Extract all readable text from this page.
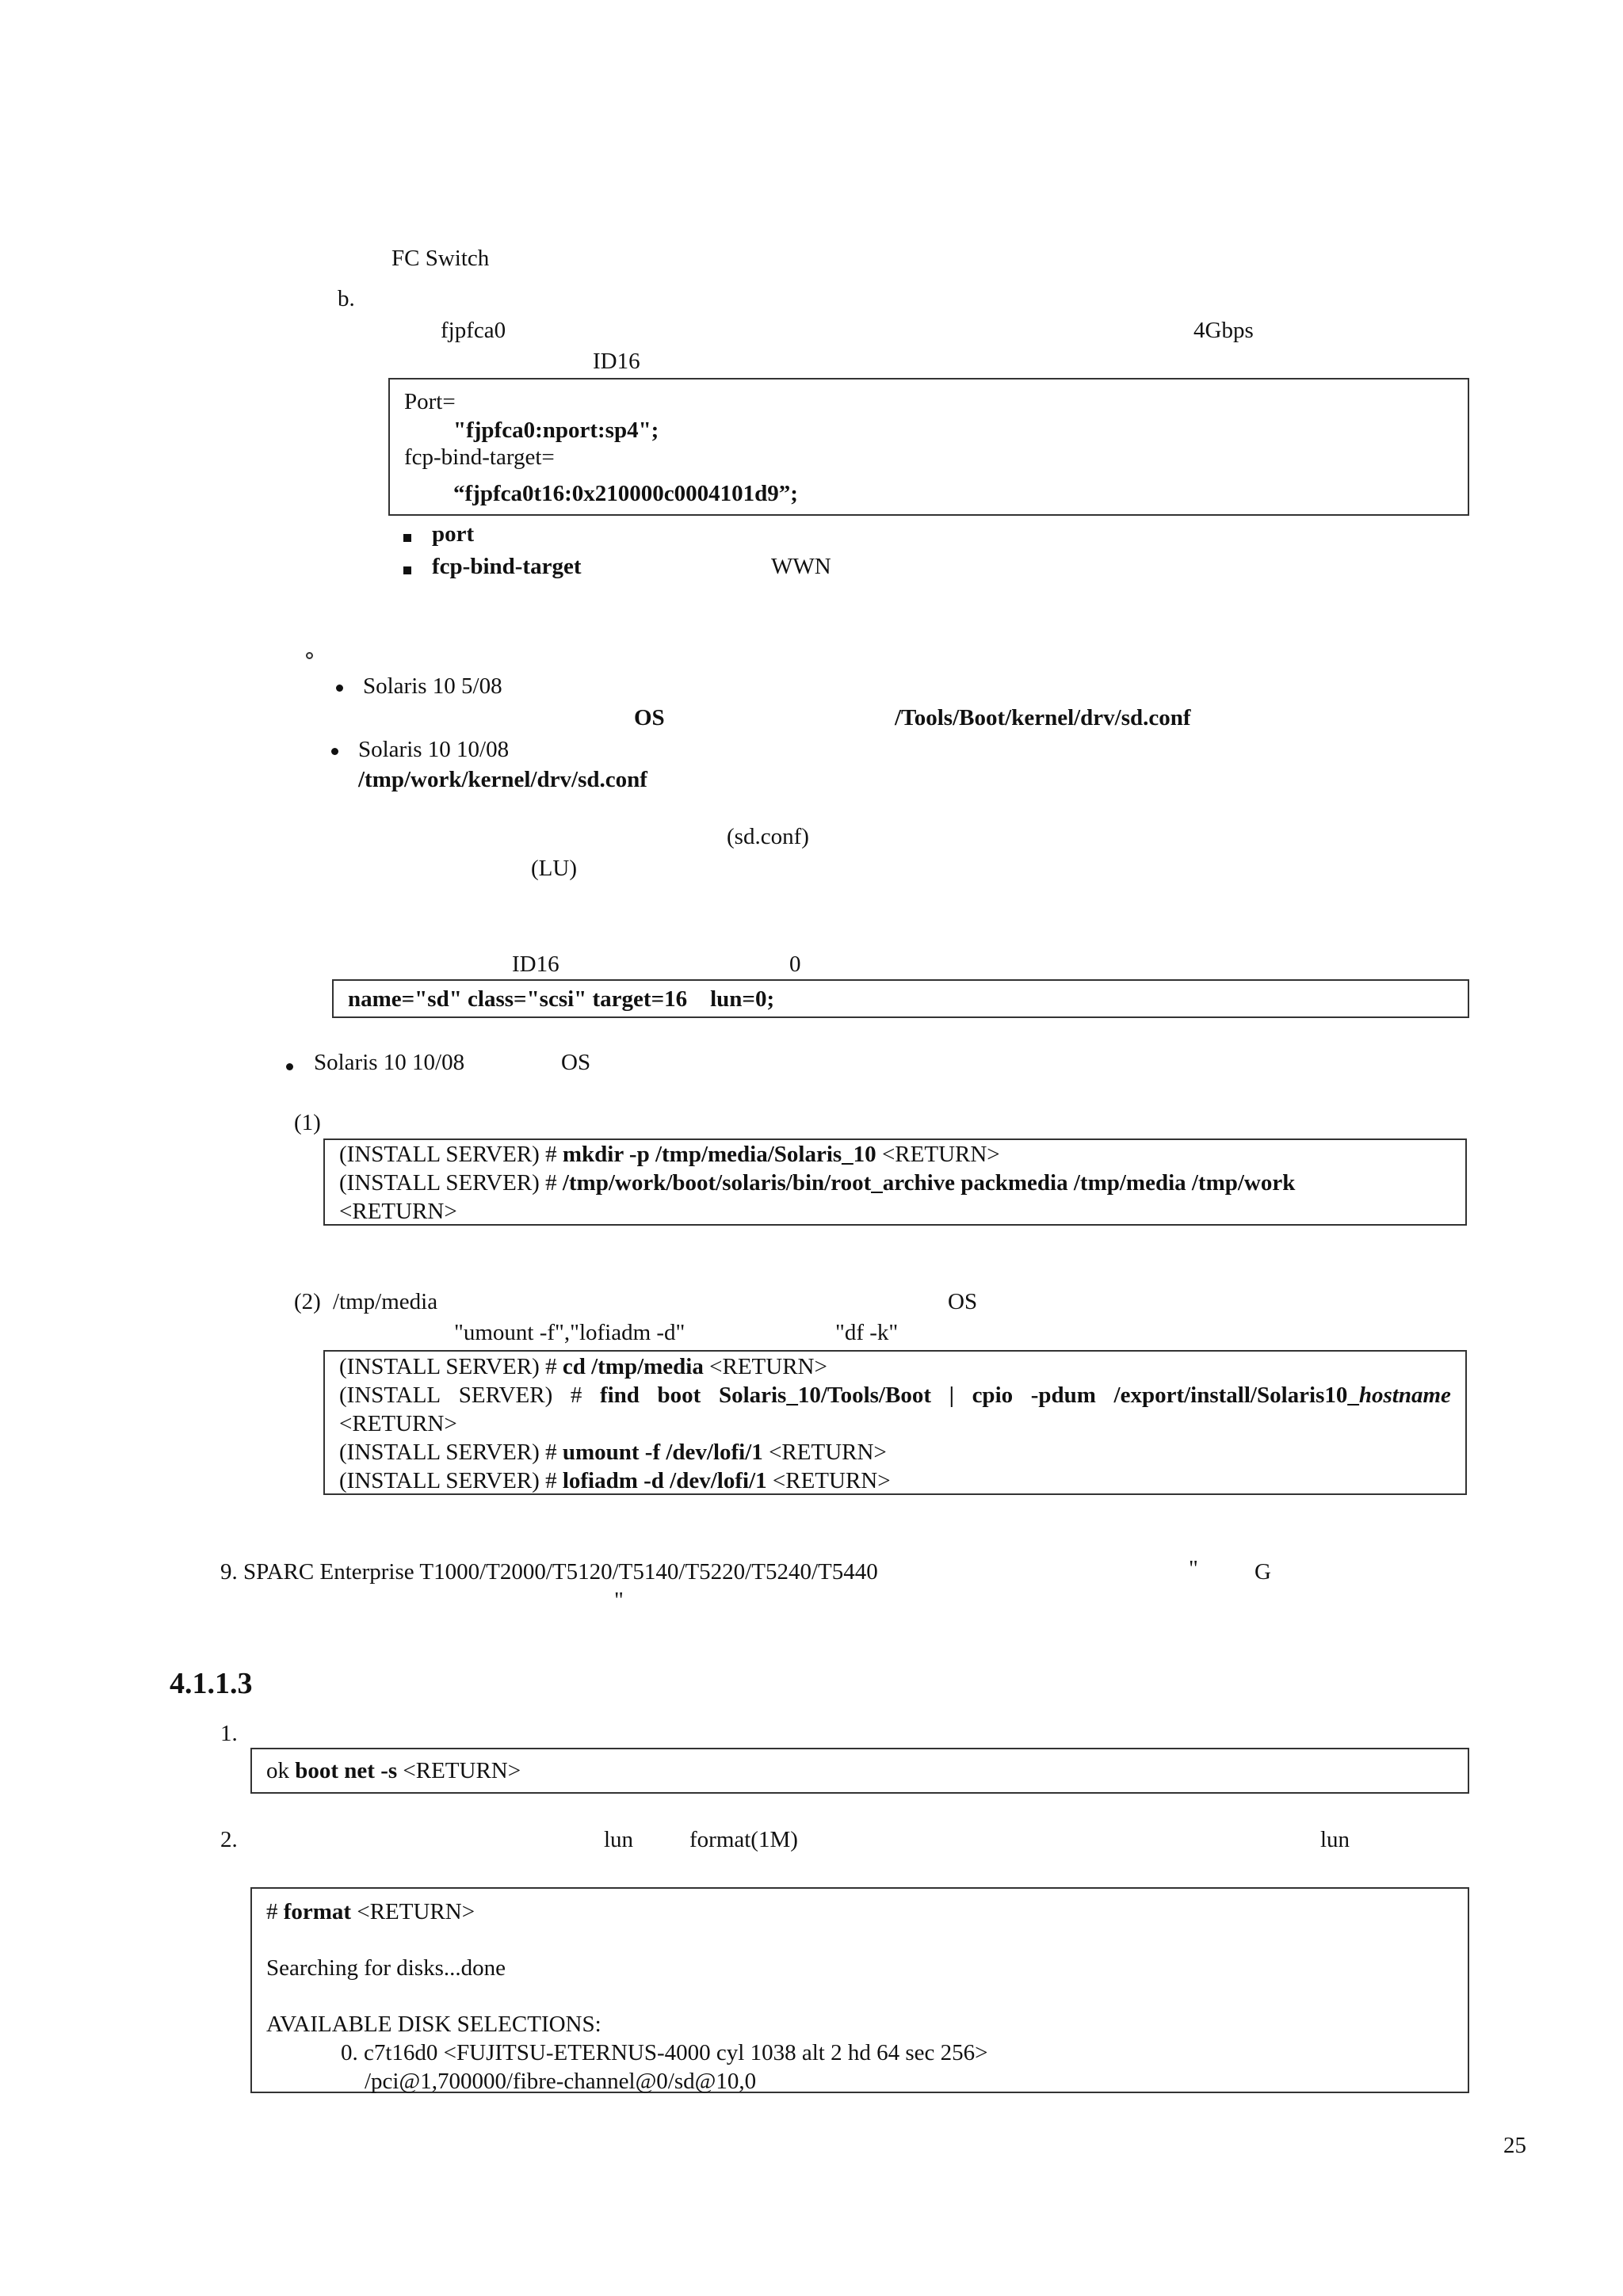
FC Switch
b.
fjpfca0	4Gbps
ID16
Port=
"fjpfca0:nport:sp4";
fcp-bind-target=
“fjpfca0t16:0x210000c0004101d9”;
port
fcp-bind-target	WWN
Solaris 10 5/08
OS	/Tools/Boot/kernel/drv/sd.conf
Solaris 10 10/08
/tmp/work/kernel/drv/sd.conf
(sd.conf)
(LU)
ID16	0
name="sd" class="scsi" target=16    lun=0;
Solaris 10 10/08	OS
(1)
(INSTALL SERVER) # mkdir -p /tmp/media/Solaris_10 <RETURN>
(INSTALL SERVER) # /tmp/work/boot/solaris/bin/root_archive packmedia /tmp/media /tmp/work
<RETURN>
(2) /tmp/media	OS
"umount -f","lofiadm -d"	"df -k"
(INSTALL SERVER) # cd /tmp/media <RETURN>
(INSTALL SERVER) # find boot Solaris_10/Tools/Boot | cpio -pdum /export/install/Solaris10_hostname
<RETURN>
(INSTALL SERVER) # umount -f /dev/lofi/1 <RETURN>
(INSTALL SERVER) # lofiadm -d /dev/lofi/1 <RETURN>
9. SPARC Enterprise T1000/T2000/T5120/T5140/T5220/T5240/T5440	" G
"
4.1.1.3
1.
ok boot net -s <RETURN>
2.	lun format(1M)	lun
# format <RETURN>
Searching for disks...done
AVAILABLE DISK SELECTIONS:
0. c7t16d0 <FUJITSU-ETERNUS-4000 cyl 1038 alt 2 hd 64 sec 256>
/pci@1,700000/fibre-channel@0/sd@10,0
25
